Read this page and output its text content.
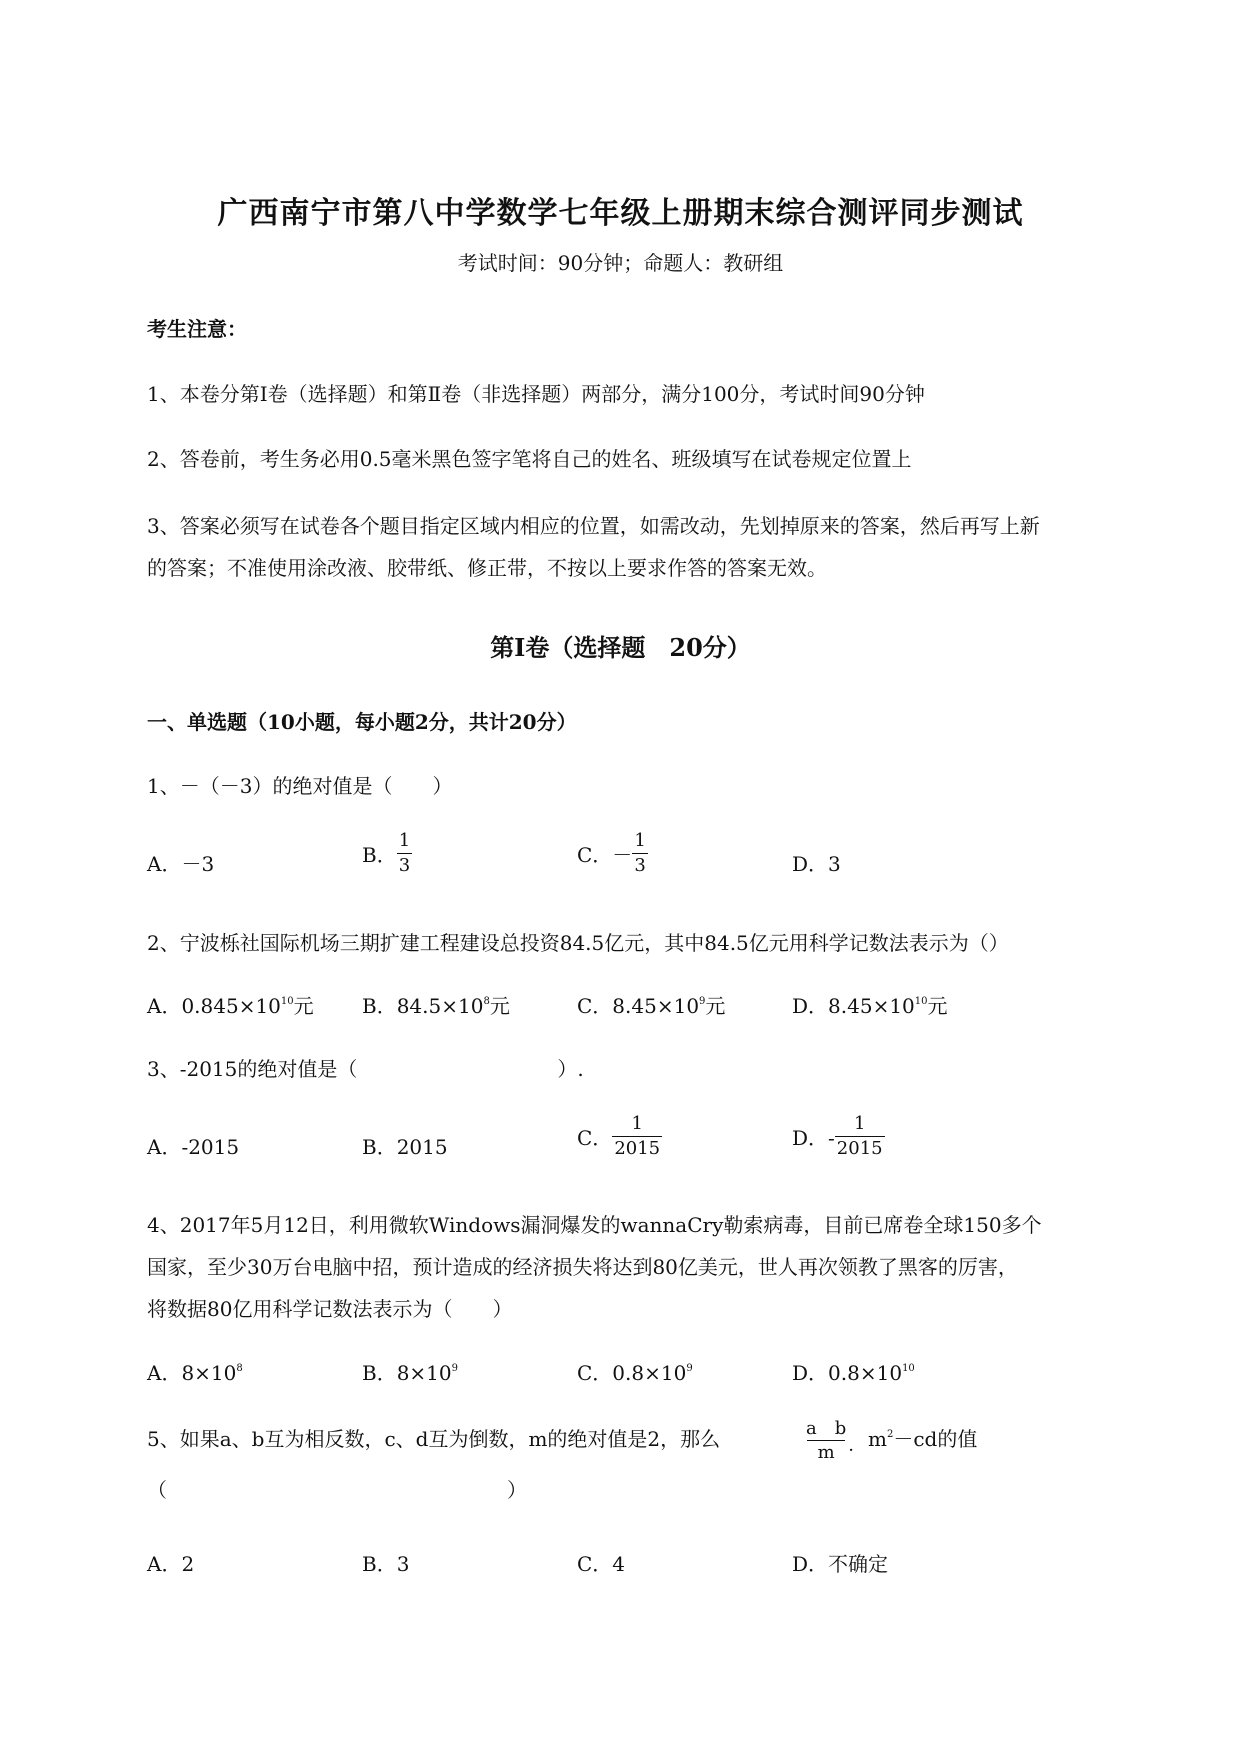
广西南宁市第八中学数学七年级上册期末综合测评同步测试
考试时间：90分钟；命题人：教研组
考生注意：
1、本卷分第I卷（选择题）和第Ⅱ卷（非选择题）两部分，满分100分，考试时间90分钟
2、答卷前，考生务必用0.5毫米黑色签字笔将自己的姓名、班级填写在试卷规定位置上
3、答案必须写在试卷各个题目指定区域内相应的位置，如需改动，先划掉原来的答案，然后再写上新
的答案；不准使用涂改液、胶带纸、修正带，不按以上要求作答的答案无效。
第I卷（选择题　20分）
一、单选题（10小题，每小题2分，共计20分）
1、－（－3）的绝对值是（　　）
A．－3	B． $\frac{1}{3}$	C．－ $\frac{1}{3}$	D．3
2、宁波栎社国际机场三期扩建工程建设总投资84.5亿元，其中84.5亿元用科学记数法表示为（）
A．$0.845\times 10^{10}$元 B．$84.5\times 10^8$元	C．$8.45\times 10^9$元	D．$8.45\times 10^{10}$元
3、-2015的绝对值是（　　　　　　　　　　）.
A．-2015	B．2015	C． $\frac{1}{2015}$	D．- $\frac{1}{2015}$
4、2017年5月12日，利用微软Windows漏洞爆发的wannaCry勒索病毒，目前已席卷全球150多个
国家，至少30万台电脑中招，预计造成的经济损失将达到80亿美元，世人再次领教了黑客的厉害，
将数据80亿用科学记数法表示为（　　）
A．$8\times 10^8$	B．$8\times 10^9$	C．$0.8\times 10^9$	D．$0.8\times 10^{10}$
5、如果a、b互为相反数，c、d互为倒数，m的绝对值是2，那么	$\frac{\text{a　b}}{m} \cdot m^2-cd$的值
（　　　　　　　　　　　　　　　　　）
A．2	B．3	C．4	D．不确定
